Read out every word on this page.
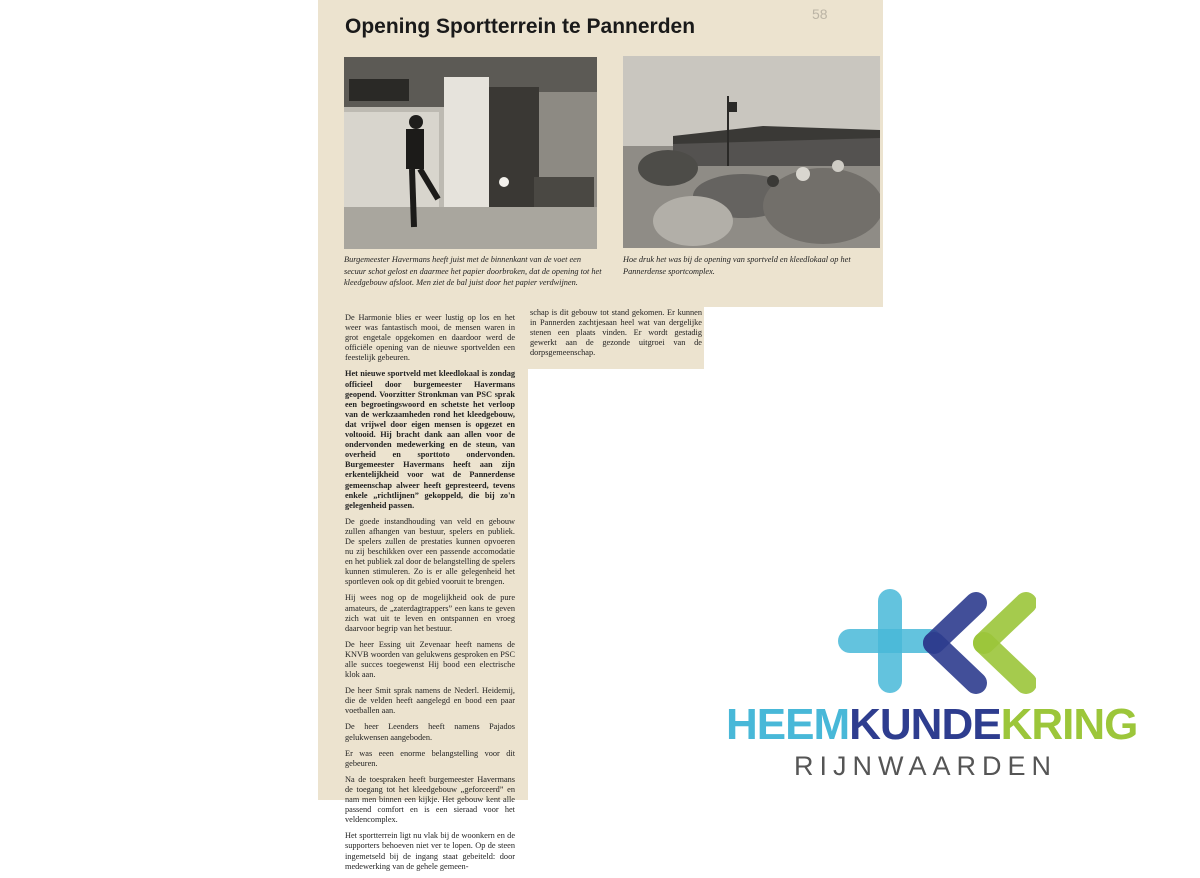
58
Opening Sportterrein te Pannerden
Burgemeester Havermans heeft juist met de binnenkant van de voet een secuur schot gelost en daarmee het papier doorbroken, dat de opening tot het kleedgebouw afsloot. Men ziet de bal juist door het papier verdwijnen.
Hoe druk het was bij de opening van sportveld en kleedlokaal op het Pannerdense sportcomplex.

De Harmonie blies er weer lustig op los en het weer was fantastisch mooi, de mensen waren in grot engetale opgekomen en daardoor werd de officiële opening van de nieuwe sportvelden een feestelijk gebeuren.

Het nieuwe sportveld met kleedlokaal is zondag officieel door burgemeester Havermans geopend. Voorzitter Stronkman van PSC sprak een begroetingswoord en schetste het verloop van de werkzaamheden rond het kleedgebouw, dat vrijwel door eigen mensen is opgezet en voltooid. Hij bracht dank aan allen voor de ondervonden medewerking en de steun, van overheid en sporttoto ondervonden. Burgemeester Havermans heeft aan zijn erkentelijkheid voor wat de Pannerdense gemeenschap alweer heeft gepresteerd, tevens enkele „richtlijnen” gekoppeld, die bij zo'n gelegenheid passen.

De goede instandhouding van veld en gebouw zullen afhangen van bestuur, spelers en publiek. De spelers zullen de prestaties kunnen opvoeren nu zij beschikken over een passende accomodatie en het publiek zal door de belangstelling de spelers kunnen stimuleren. Zo is er alle gelegenheid het sportleven ook op dit gebied vooruit te brengen.

Hij wees nog op de mogelijkheid ook de pure amateurs, de „zaterdagtrappers” een kans te geven zich wat uit te leven en ontspannen en vroeg daarvoor begrip van het bestuur.

De heer Essing uit Zevenaar heeft namens de KNVB woorden van gelukwens gesproken en PSC alle succes toegewenst Hij bood een electrische klok aan.

De heer Smit sprak namens de Nederl. Heidemij, die de velden heeft aangelegd en bood een paar voetballen aan.

De heer Leenders heeft namens Pajados gelukwensen aangeboden.

Er was eeen enorme belangstelling voor dit gebeuren.

Na de toespraken heeft burgemeester Havermans de toegang tot het kleedgebouw „geforceerd” en nam men binnen een kijkje. Het gebouw kent alle passend comfort en is een sieraad voor het veldencomplex.

Het sportterrein ligt nu vlak bij de woonkern en de supporters behoeven niet ver te lopen. Op de steen ingemetseld bij de ingang staat gebeiteld: door medewerking van de gehele gemeen-

schap is dit gebouw tot stand gekomen. Er kunnen in Pannerden zachtjesaan heel wat van dergelijke stenen een plaats vinden. Er wordt gestadig gewerkt aan de gezonde uitgroei van de dorpsgemeenschap.

HEEMKUNDEKRING
RIJNWAARDEN
